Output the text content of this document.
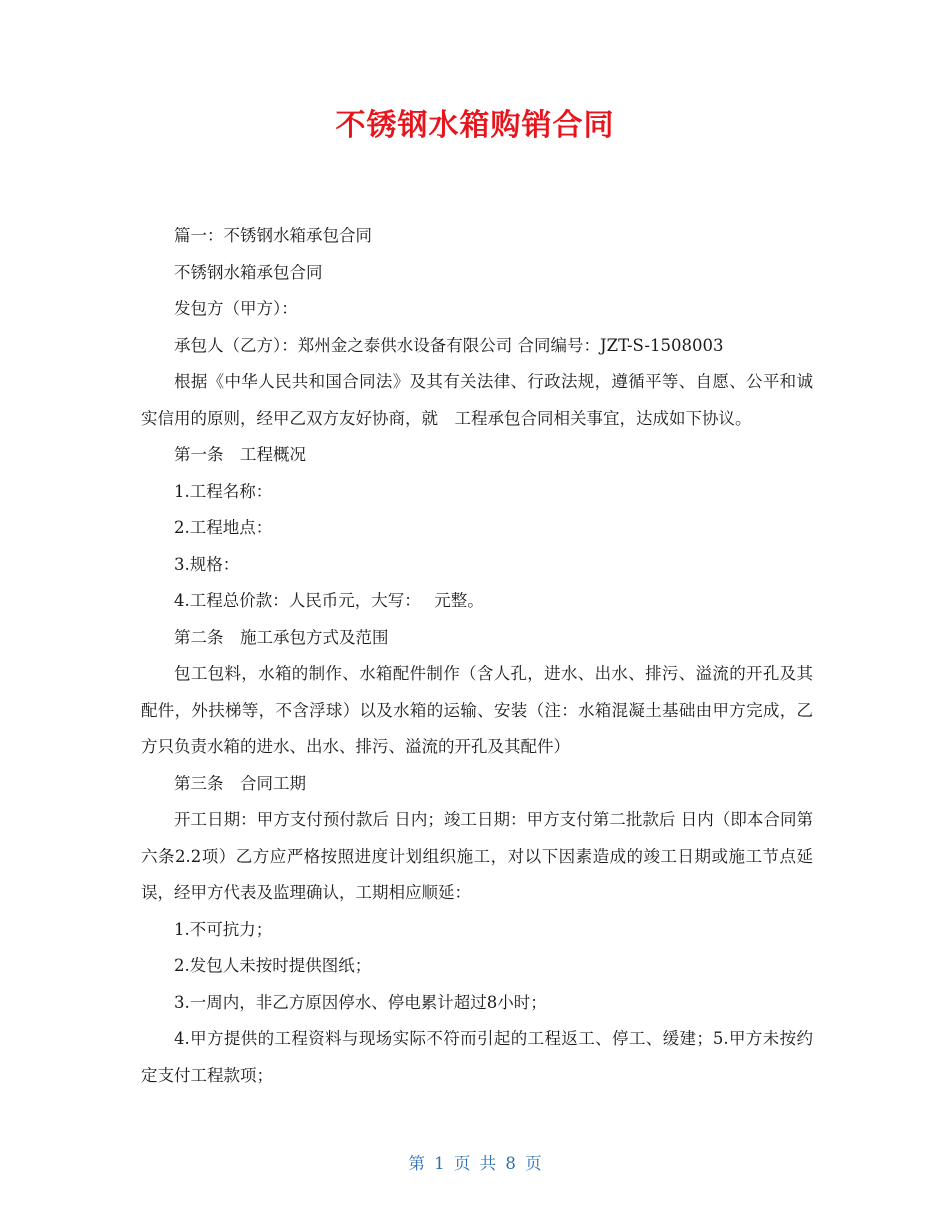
不锈钢水箱购销合同

篇一：不锈钢水箱承包合同

不锈钢水箱承包合同

发包方（甲方）：

承包人（乙方）：郑州金之泰供水设备有限公司 合同编号：JZT-S-1508003

根据《中华人民共和国合同法》及其有关法律、行政法规，遵循平等、自愿、公平和诚实信用的原则，经甲乙双方友好协商，就　工程承包合同相关事宜，达成如下协议。

第一条　工程概况

1.工程名称：

2.工程地点：

3.规格：

4.工程总价款：人民币元，大写：　 元整。

第二条　施工承包方式及范围

包工包料，水箱的制作、水箱配件制作（含人孔，进水、出水、排污、溢流的开孔及其配件，外扶梯等，不含浮球）以及水箱的运输、安装（注：水箱混凝土基础由甲方完成，乙方只负责水箱的进水、出水、排污、溢流的开孔及其配件）

第三条　合同工期

开工日期：甲方支付预付款后 日内；竣工日期：甲方支付第二批款后 日内（即本合同第六条2.2项）乙方应严格按照进度计划组织施工，对以下因素造成的竣工日期或施工节点延误，经甲方代表及监理确认，工期相应顺延：

1.不可抗力；

2.发包人未按时提供图纸；

3.一周内，非乙方原因停水、停电累计超过8小时；

4.甲方提供的工程资料与现场实际不符而引起的工程返工、停工、缓建；5.甲方未按约定支付工程款项；

第 1 页 共 8 页
